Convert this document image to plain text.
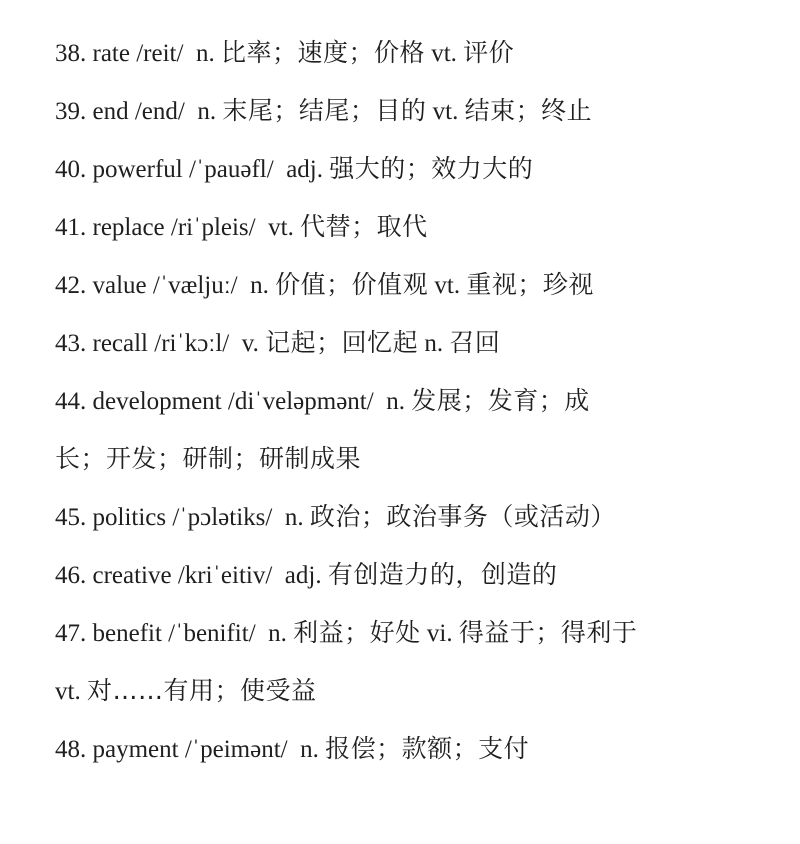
38. rate /reit/ n. 比率；速度；价格 vt. 评价
39. end /end/ n. 末尾；结尾；目的 vt. 结束；终止
40. powerful /ˈpauəfl/ adj. 强大的；效力大的
41. replace /riˈpleis/ vt. 代替；取代
42. value /ˈvæljuː/ n. 价值；价值观 vt. 重视；珍视
43. recall /riˈkɔːl/ v. 记起；回忆起 n. 召回
44. development /diˈveləpmənt/ n. 发展；发育；成
长；开发；研制；研制成果
45. politics /ˈpɔlətiks/ n. 政治；政治事务（或活动）
46. creative /kriˈeitiv/ adj. 有创造力的，创造的
47. benefit /ˈbenifit/ n. 利益；好处 vi. 得益于；得利于
vt. 对……有用；使受益
48. payment /ˈpeimənt/ n. 报偿；款额；支付
